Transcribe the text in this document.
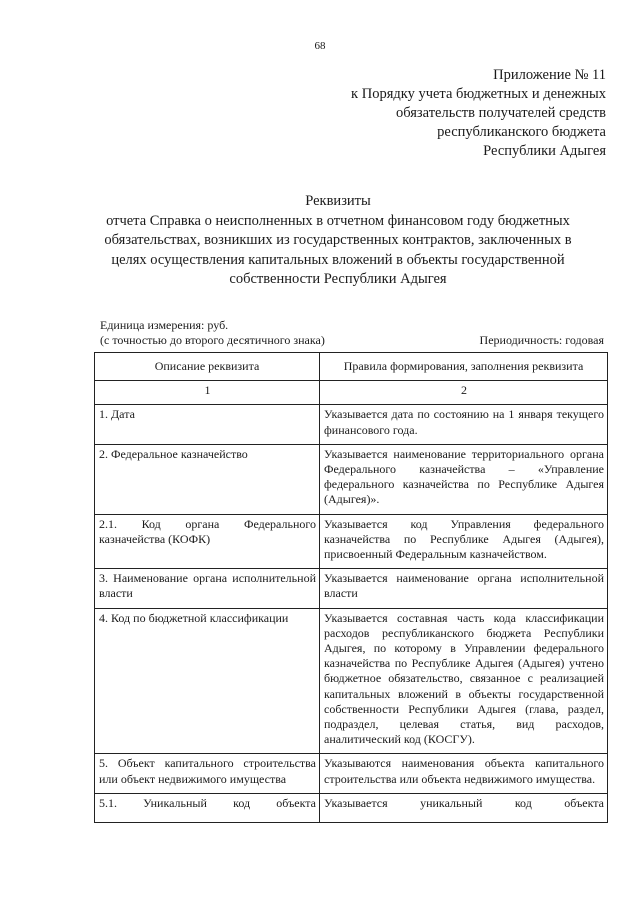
68
Приложение № 11
к Порядку учета бюджетных и денежных
обязательств получателей средств
республиканского бюджета
Республики Адыгея
Реквизиты
отчета Справка о неисполненных в отчетном финансовом году бюджетных
обязательствах, возникших из государственных контрактов, заключенных в
целях осуществления капитальных вложений в объекты государственной
собственности Республики Адыгея
Единица измерения: руб.
(с точностью до второго десятичного знака)	Периодичность: годовая
Описание реквизита	Правила формирования, заполнения реквизита
1	2
1. Дата	Указывается дата по состоянию на 1 января текущего финансового года.
2. Федеральное казначейство	Указывается наименование территориального органа Федерального казначейства – «Управление федерального казначейства по Республике Адыгея (Адыгея)».
2.1. Код органа Федерального казначейства (КОФК)	Указывается код Управления федерального казначейства по Республике Адыгея (Адыгея), присвоенный Федеральным казначейством.
3. Наименование органа исполнительной власти	Указывается наименование органа исполнительной власти
4. Код по бюджетной классификации	Указывается составная часть кода классификации расходов республиканского бюджета Республики Адыгея, по которому в Управлении федерального казначейства по Республике Адыгея (Адыгея) учтено бюджетное обязательство, связанное с реализацией капитальных вложений в объекты государственной собственности Республики Адыгея (глава, раздел, подраздел, целевая статья, вид расходов, аналитический код (КОСГУ).
5. Объект капитального строительства или объект недвижимого имущества	Указываются наименования объекта капитального строительства или объекта недвижимого имущества.
5.1. Уникальный код объекта	Указывается уникальный код объекта
